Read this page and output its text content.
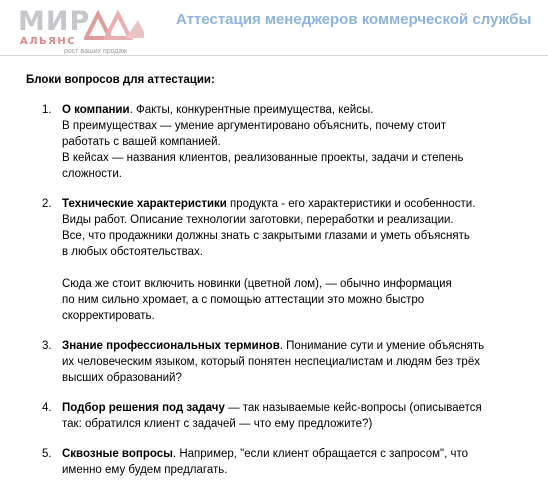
МИР
АЛЬЯНС
рост ваших продаж
Аттестация менеджеров коммерческой службы

Блоки вопросов для аттестации:

1. О компании. Факты, конкурентные преимущества, кейсы.
В преимуществах — умение аргументировано объяснить, почему стоит
работать с вашей компанией.
В кейсах — названия клиентов, реализованные проекты, задачи и степень
сложности.

2. Технические характеристики продукта - его характеристики и особенности.
Виды работ. Описание технологии заготовки, переработки и реализации.
Все, что продажники должны знать с закрытыми глазами и уметь объяснять
в любых обстоятельствах.

Сюда же стоит включить новинки (цветной лом), — обычно информация
по ним сильно хромает, а с помощью аттестации это можно быстро
скорректировать.

3. Знание профессиональных терминов. Понимание сути и умение объяснять
их человеческим языком, который понятен неспециалистам и людям без трёх
высших образований?

4. Подбор решения под задачу — так называемые кейс-вопросы (описывается
так: обратился клиент с задачей — что ему предложите?)

5. Сквозные вопросы. Например, "если клиент обращается с запросом", что
именно ему будем предлагать.
